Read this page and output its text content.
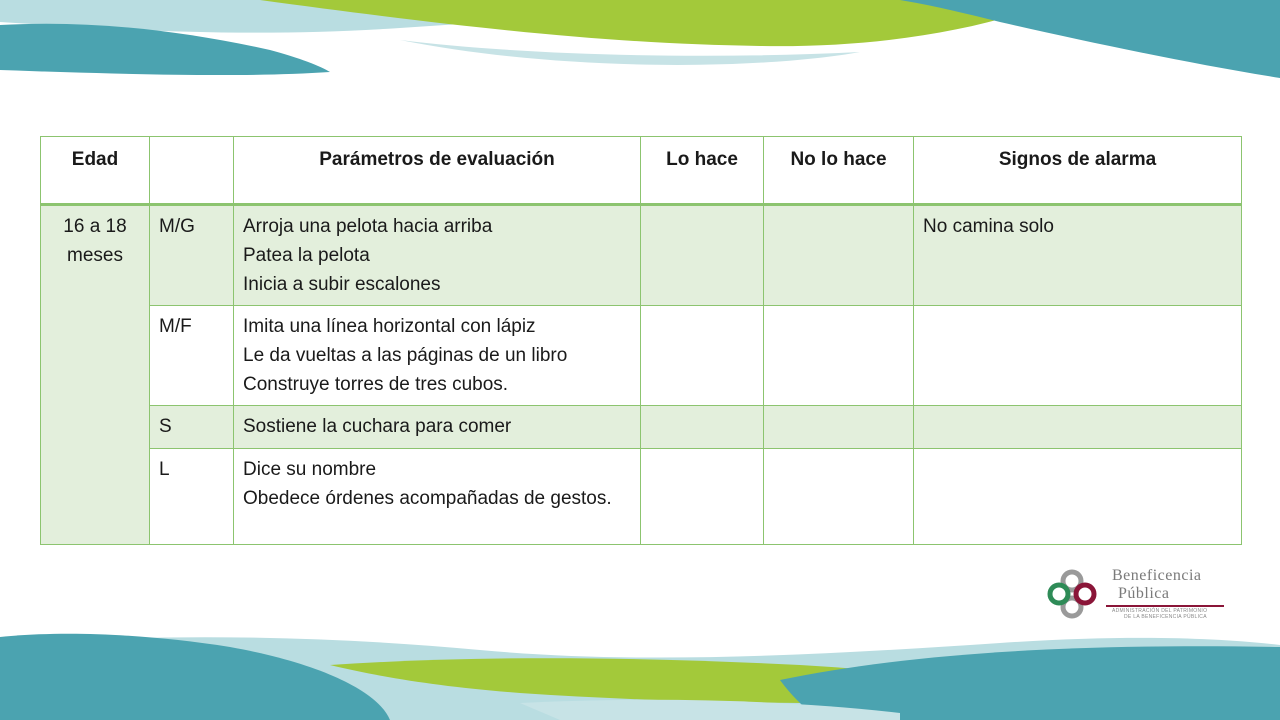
Edad		Parámetros de evaluación	Lo hace	No lo hace	Signos de alarma

16 a 18
meses	M/G	Arroja una pelota hacia arriba
Patea la pelota
Inicia a subir escalones			No camina solo
	M/F	Imita una línea horizontal con lápiz
Le da vueltas a las páginas de un libro
Construye torres de tres cubos.			

	S	Sostiene la cuchara para comer			

	L	Dice su nombre
Obedece órdenes acompañadas de gestos.			

Beneficencia
Pública
ADMINISTRACIÓN DEL PATRIMONIO
DE LA BENEFICENCIA PÚBLICA
